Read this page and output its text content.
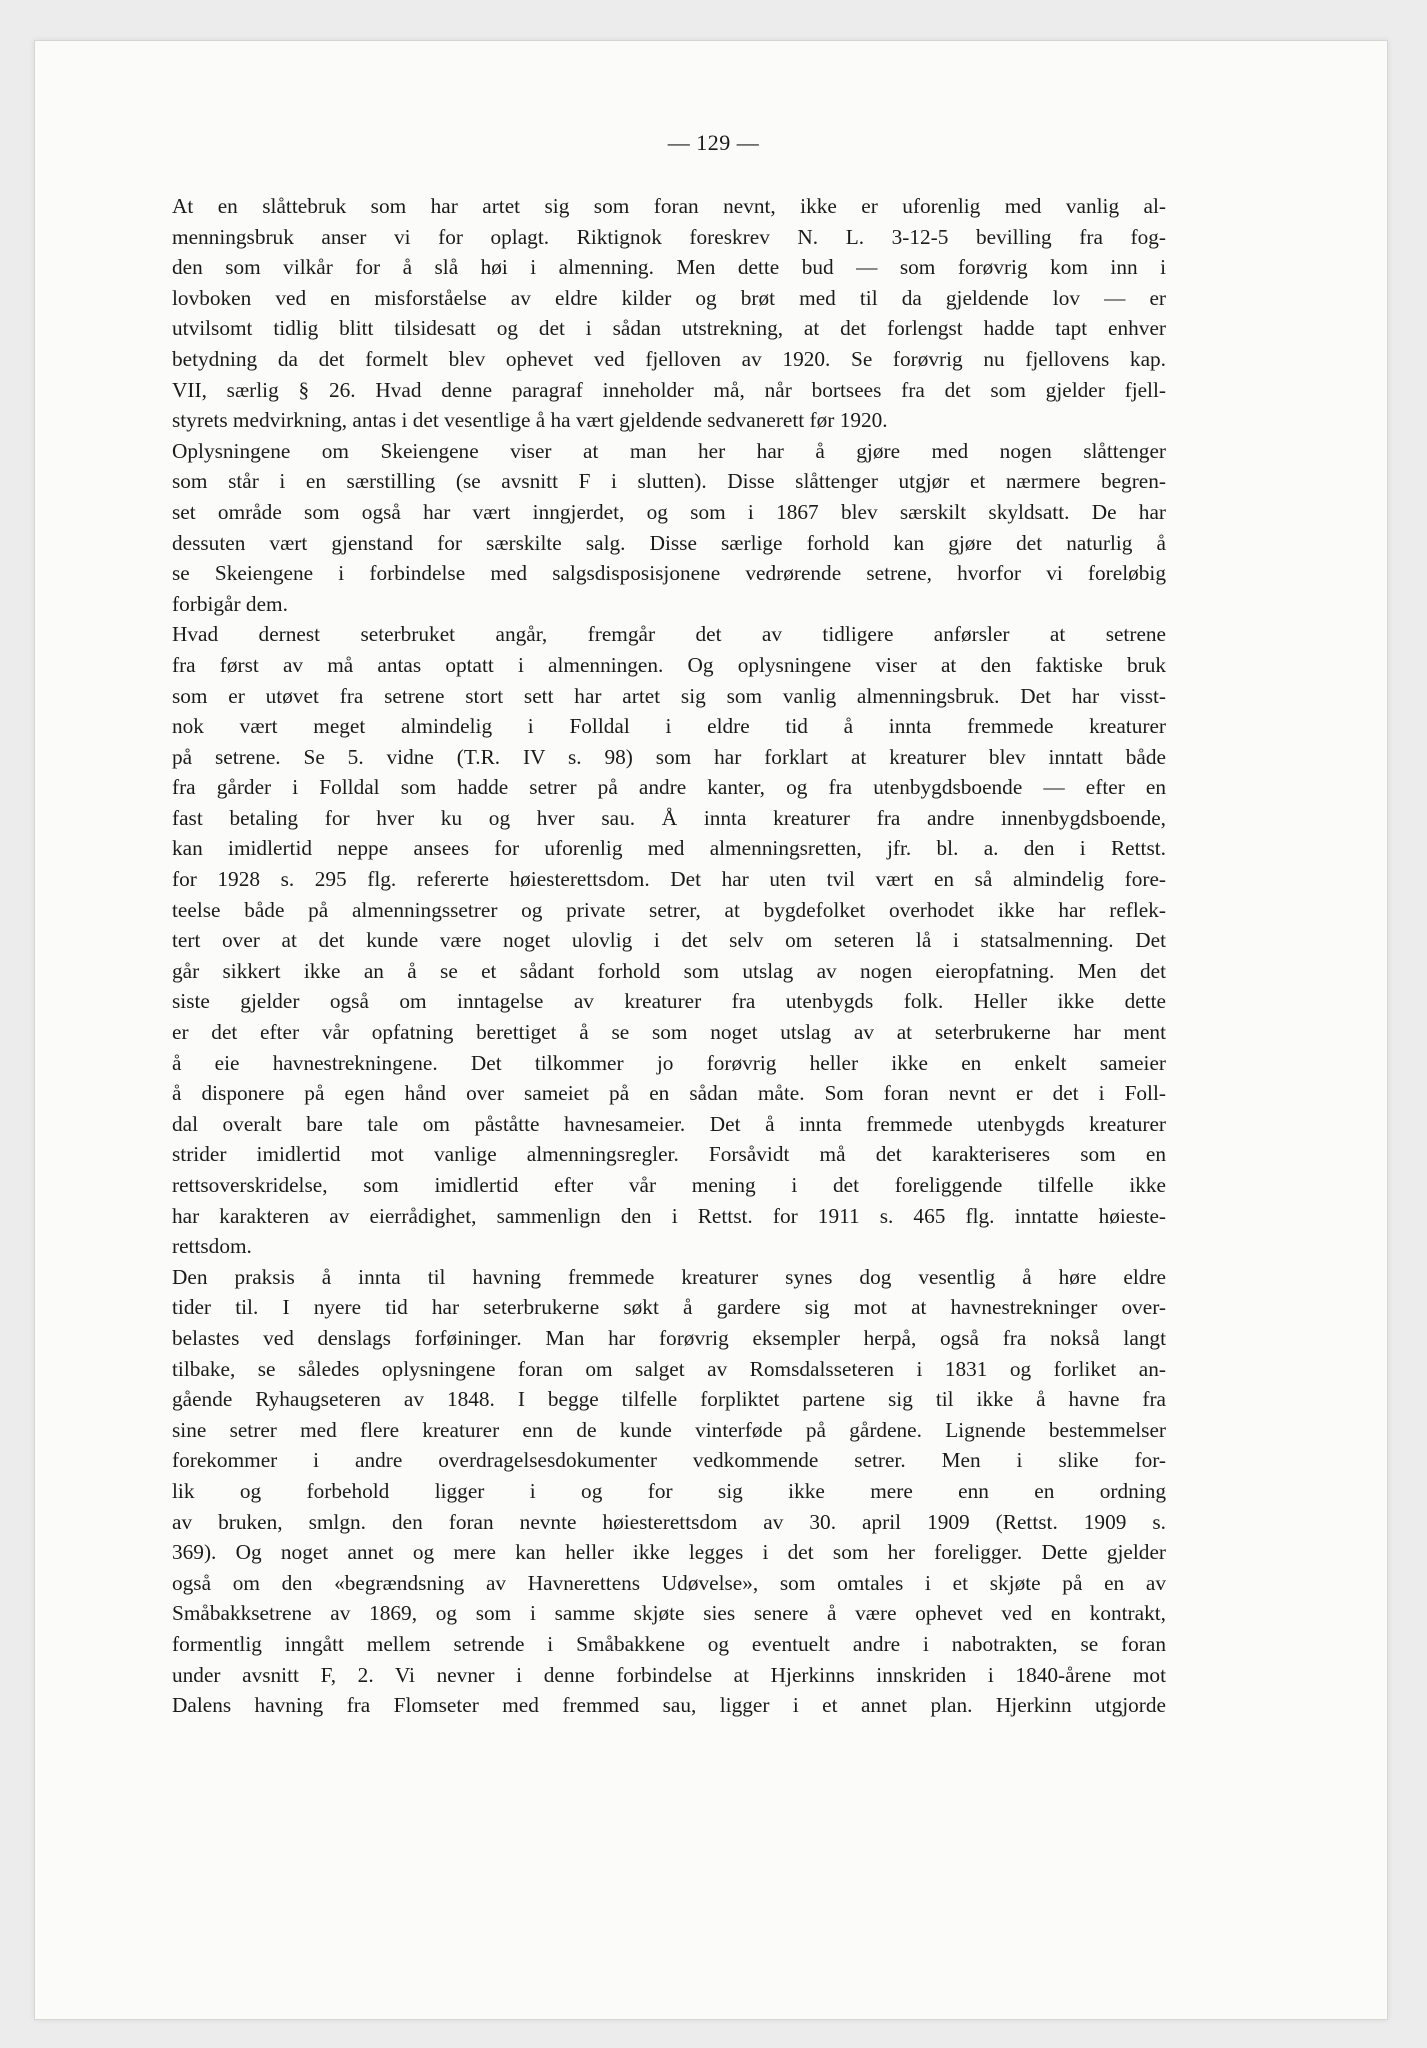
— 129 —
At en slåttebruk som har artet sig som foran nevnt, ikke er uforenlig med vanlig al-
menningsbruk anser vi for oplagt. Riktignok foreskrev N. L. 3-12-5 bevilling fra fog-
den som vilkår for å slå høi i almenning. Men dette bud — som forøvrig kom inn i
lovboken ved en misforståelse av eldre kilder og brøt med til da gjeldende lov — er
utvilsomt tidlig blitt tilsidesatt og det i sådan utstrekning, at det forlengst hadde tapt enhver
betydning da det formelt blev ophevet ved fjelloven av 1920. Se forøvrig nu fjellovens kap.
VII, særlig § 26. Hvad denne paragraf inneholder må, når bortsees fra det som gjelder fjell-
styrets medvirkning, antas i det vesentlige å ha vært gjeldende sedvanerett før 1920.
Oplysningene om Skeiengene viser at man her har å gjøre med nogen slåttenger
som står i en særstilling (se avsnitt F i slutten). Disse slåttenger utgjør et nærmere begren-
set område som også har vært inngjerdet, og som i 1867 blev særskilt skyldsatt. De har
dessuten vært gjenstand for særskilte salg. Disse særlige forhold kan gjøre det naturlig å
se Skeiengene i forbindelse med salgsdisposisjonene vedrørende setrene, hvorfor vi foreløbig
forbigår dem.
Hvad dernest seterbruket angår, fremgår det av tidligere anførsler at setrene
fra først av må antas optatt i almenningen. Og oplysningene viser at den faktiske bruk
som er utøvet fra setrene stort sett har artet sig som vanlig almenningsbruk. Det har visst-
nok vært meget almindelig i Folldal i eldre tid å innta fremmede kreaturer
på setrene. Se 5. vidne (T.R. IV s. 98) som har forklart at kreaturer blev inntatt både
fra gårder i Folldal som hadde setrer på andre kanter, og fra utenbygdsboende — efter en
fast betaling for hver ku og hver sau. Å innta kreaturer fra andre innenbygdsboende,
kan imidlertid neppe ansees for uforenlig med almenningsretten, jfr. bl. a. den i Rettst.
for 1928 s. 295 flg. refererte høiesterettsdom. Det har uten tvil vært en så almindelig fore-
teelse både på almenningssetrer og private setrer, at bygdefolket overhodet ikke har reflek-
tert over at det kunde være noget ulovlig i det selv om seteren lå i statsalmenning. Det
går sikkert ikke an å se et sådant forhold som utslag av nogen eieropfatning. Men det
siste gjelder også om inntagelse av kreaturer fra utenbygds folk. Heller ikke dette
er det efter vår opfatning berettiget å se som noget utslag av at seterbrukerne har ment
å eie havnestrekningene. Det tilkommer jo forøvrig heller ikke en enkelt sameier
å disponere på egen hånd over sameiet på en sådan måte. Som foran nevnt er det i Foll-
dal overalt bare tale om påståtte havnesameier. Det å innta fremmede utenbygds kreaturer
strider imidlertid mot vanlige almenningsregler. Forsåvidt må det karakteriseres som en
rettsoverskridelse, som imidlertid efter vår mening i det foreliggende tilfelle ikke
har karakteren av eierrådighet, sammenlign den i Rettst. for 1911 s. 465 flg. inntatte høieste-
rettsdom.
Den praksis å innta til havning fremmede kreaturer synes dog vesentlig å høre eldre
tider til. I nyere tid har seterbrukerne søkt å gardere sig mot at havnestrekninger over-
belastes ved denslags forføininger. Man har forøvrig eksempler herpå, også fra nokså langt
tilbake, se således oplysningene foran om salget av Romsdalsseteren i 1831 og forliket an-
gående Ryhaugseteren av 1848. I begge tilfelle forpliktet partene sig til ikke å havne fra
sine setrer med flere kreaturer enn de kunde vinterføde på gårdene. Lignende bestemmelser
forekommer i andre overdragelsesdokumenter vedkommende setrer. Men i slike for-
lik og forbehold ligger i og for sig ikke mere enn en ordning
av bruken, smlgn. den foran nevnte høiesterettsdom av 30. april 1909 (Rettst. 1909 s.
369). Og noget annet og mere kan heller ikke legges i det som her foreligger. Dette gjelder
også om den «begrændsning av Havnerettens Udøvelse», som omtales i et skjøte på en av
Småbakksetrene av 1869, og som i samme skjøte sies senere å være ophevet ved en kontrakt,
formentlig inngått mellem setrende i Småbakkene og eventuelt andre i nabotrakten, se foran
under avsnitt F, 2. Vi nevner i denne forbindelse at Hjerkinns innskriden i 1840-årene mot
Dalens havning fra Flomseter med fremmed sau, ligger i et annet plan. Hjerkinn utgjorde
